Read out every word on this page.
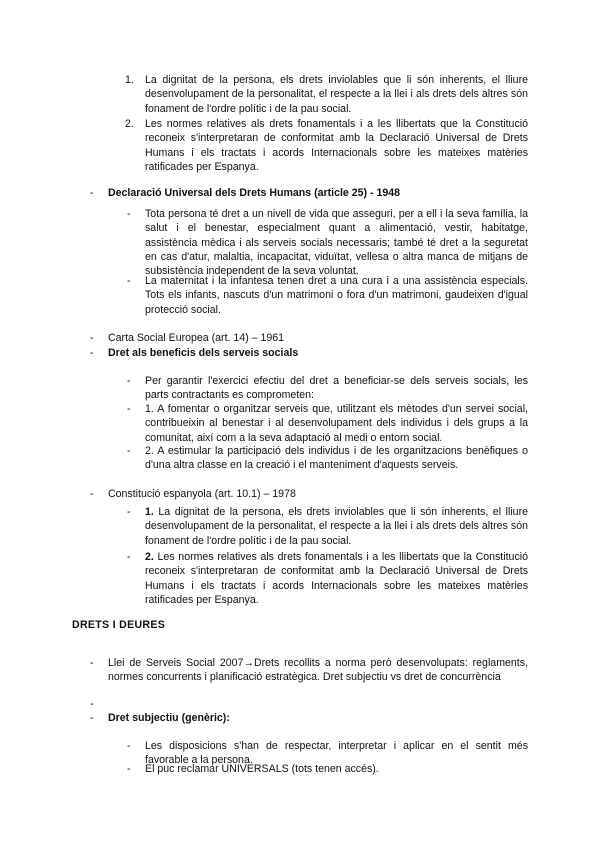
1. La dignitat de la persona, els drets inviolables que li són inherents, el lliure desenvolupament de la personalitat, el respecte a la llei i als drets dels altres són fonament de l'ordre polític i de la pau social.
2. Les normes relatives als drets fonamentals i a les llibertats que la Constitució reconeix s'interpretaran de conformitat amb la Declaració Universal de Drets Humans i els tractats i acords Internacionals sobre les mateixes matèries ratificades per Espanya.
- Declaració Universal dels Drets Humans (article 25) - 1948
- Tota persona té dret a un nivell de vida que asseguri, per a ell i la seva família, la salut i el benestar, especialment quant a alimentació, vestir, habitatge, assistència mèdica i als serveis socials necessaris; també té dret a la seguretat en cas d'atur, malaltia, incapacitat, viduïtat, vellesa o altra manca de mitjans de subsistència independent de la seva voluntat.
- La maternitat i la infantesa tenen dret a una cura i a una assistència especials. Tots els infants, nascuts d'un matrimoni o fora d'un matrimoni, gaudeixen d'igual protecció social.
- Carta Social Europea (art. 14) – 1961
- Dret als beneficis dels serveis socials
- Per garantir l'exercici efectiu del dret a beneficiar-se dels serveis socials, les parts contractants es comprometen:
- 1. A fomentar o organitzar serveis que, utilitzant els mètodes d'un servei social, contribueixin al benestar i al desenvolupament dels individus i dels grups a la comunitat, així com a la seva adaptació al medi o entorn social.
- 2. A estimular la participació dels individus i de les organitzacions benèfiques o d'una altra classe en la creació i el manteniment d'aquests serveis.
- Constitució espanyola (art. 10.1) – 1978
- 1. La dignitat de la persona, els drets inviolables que li són inherents, el lliure desenvolupament de la personalitat, el respecte a la llei i als drets dels altres són fonament de l'ordre polític i de la pau social.
- 2. Les normes relatives als drets fonamentals i a les llibertats que la Constitució reconeix s'interpretaran de conformitat amb la Declaració Universal de Drets Humans i els tractats i acords Internacionals sobre les mateixes matèries ratificades per Espanya.
DRETS I DEURES
- Llei de Serveis Social 2007→Drets recollits a norma però desenvolupats: reglaments, normes concurrents i planificació estratègica. Dret subjectiu vs dret de concurrència
-
- Dret subjectiu (genèric):
- Les disposicions s'han de respectar, interpretar i aplicar en el sentit més favorable a la persona.
- El puc reclamar UNIVERSALS (tots tenen accés).
